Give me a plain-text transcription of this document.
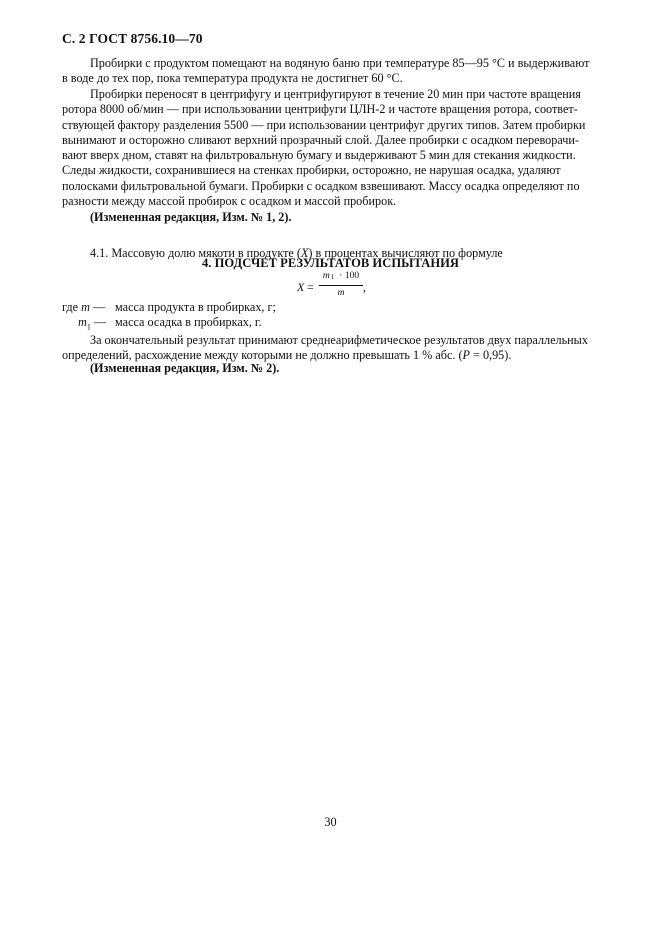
С. 2 ГОСТ 8756.10—70

Пробирки с продуктом помещают на водяную баню при температуре 85—95 °С и выдерживают
в воде до тех пор, пока температура продукта не достигнет 60 °С.

Пробирки переносят в центрифугу и центрифугируют в течение 20 мин при частоте вращения
ротора 8000 об/мин — при использовании центрифуги ЦЛН-2 и частоте вращения ротора, соответ-
ствующей фактору разделения 5500 — при использовании центрифуг других типов. Затем пробирки
вынимают и осторожно сливают верхний прозрачный слой. Далее пробирки с осадком переворачи-
вают вверх дном, ставят на фильтровальную бумагу и выдерживают 5 мин для стекания жидкости.
Следы жидкости, сохранившиеся на стенках пробирки, осторожно, не нарушая осадка, удаляют
полосками фильтровальной бумаги. Пробирки с осадком взвешивают. Массу осадка определяют по
разности между массой пробирок с осадком и массой пробирок.

(Измененная редакция, Изм. № 1, 2).
4. ПОДСЧЕТ РЕЗУЛЬТАТОВ ИСПЫТАНИЯ

4.1. Массовую долю мякоти в продукте (X) в процентах вычисляют по формуле

X =
m1 · 100
m	,
где m — масса продукта в пробирках, г;
$m_1$ — масса осадка в пробирках, г.

За окончательный результат принимают среднеарифметическое результатов двух параллельных
определений, расхождение между которыми не должно превышать 1 % абс. (Р = 0,95).

(Измененная редакция, Изм. № 2).
30
